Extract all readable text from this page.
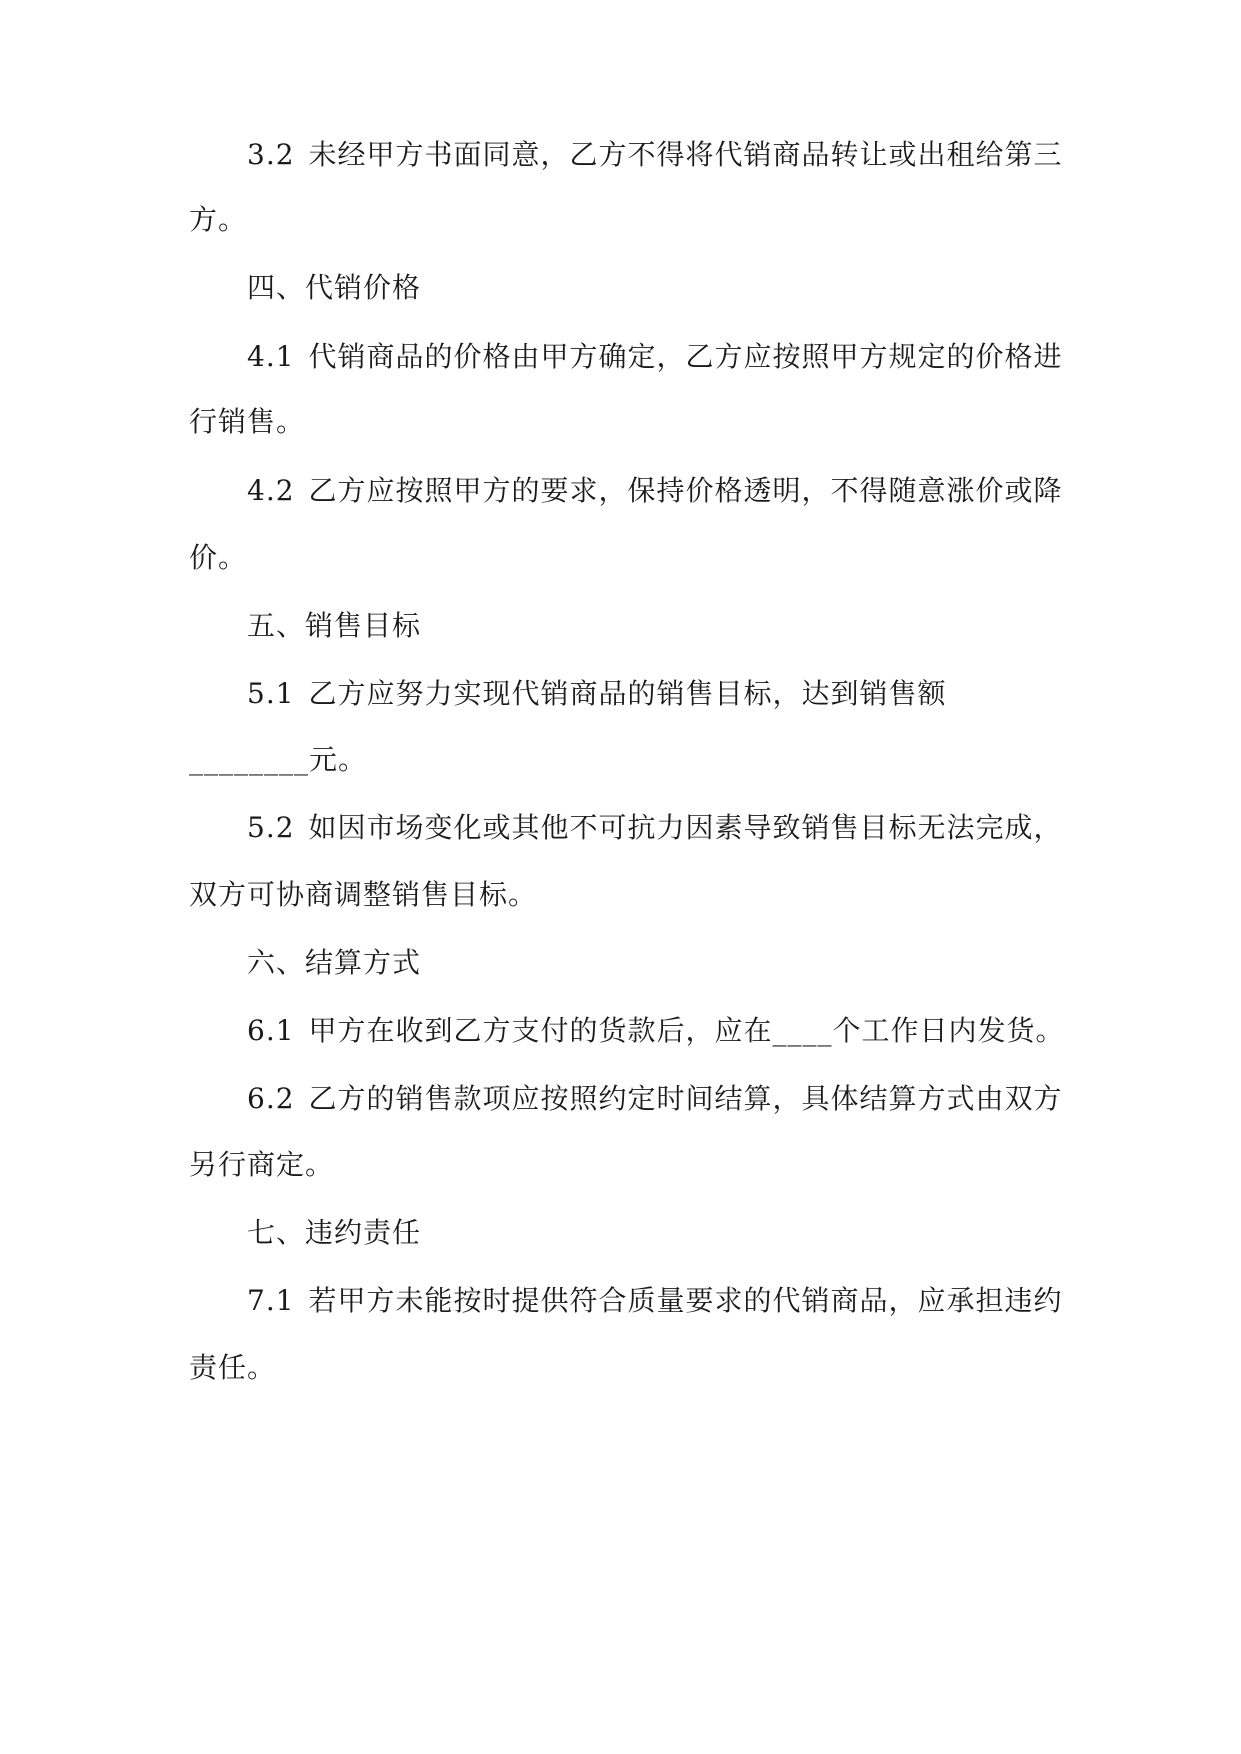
3.2 未经甲方书面同意，乙方不得将代销商品转让或出租给第三
方。
四、代销价格
4.1 代销商品的价格由甲方确定，乙方应按照甲方规定的价格进
行销售。
4.2 乙方应按照甲方的要求，保持价格透明，不得随意涨价或降
价。
五、销售目标
5.1 乙方应努力实现代销商品的销售目标，达到销售额
________元。
5.2 如因市场变化或其他不可抗力因素导致销售目标无法完成，
双方可协商调整销售目标。
六、结算方式
6.1 甲方在收到乙方支付的货款后，应在____个工作日内发货。
6.2 乙方的销售款项应按照约定时间结算，具体结算方式由双方
另行商定。
七、违约责任
7.1 若甲方未能按时提供符合质量要求的代销商品，应承担违约
责任。
